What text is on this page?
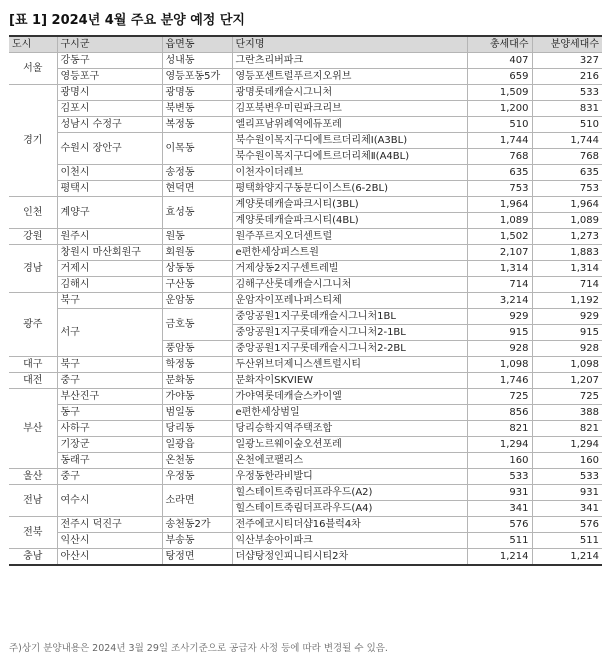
[표 1] 2024년 4월 주요 분양 예정 단지
도시	구시군	읍면동	단지명	총세대수	분양세대수
서울	강동구	성내동	그란츠리버파크	407	327
	영등포구	영등포동5가	영등포센트럴푸르지오위브	659	216
경기	광명시	광명동	광명롯데캐슬시그니처	1,509	533
	김포시	북변동	김포북변우미린파크리브	1,200	831
	성남시 수정구	복정동	엘리프남위례역에듀포레	510	510
	수원시 장안구	이목동	북수원이목지구디에트르더리체Ⅰ(A3BL)	1,744	1,744
			북수원이목지구디에트르더리체Ⅱ(A4BL)	768	768
	이천시	송정동	이천자이더레브	635	635
	평택시	현덕면	평택화양지구동문디이스트(6-2BL)	753	753
인천	계양구	효성동	계양롯데캐슬파크시티(3BL)	1,964	1,964
			계양롯데캐슬파크시티(4BL)	1,089	1,089
강원	원주시	원동	원주푸르지오더센트럴	1,502	1,273
경남	창원시 마산회원구	회원동	e편한세상퍼스트원	2,107	1,883
	거제시	상동동	거제상동2지구센트레빌	1,314	1,314
	김해시	구산동	김해구산롯데캐슬시그니처	714	714
광주	북구	운암동	운암자이포레나퍼스티체	3,214	1,192
	서구	금호동	중앙공원1지구롯데캐슬시그니처1BL	929	929
			중앙공원1지구롯데캐슬시그니처2-1BL	915	915
		풍암동	중앙공원1지구롯데캐슬시그니처2-2BL	928	928
대구	북구	학정동	두산위브더제니스센트럴시티	1,098	1,098
대전	중구	문화동	문화자이SKVIEW	1,746	1,207
부산	부산진구	가야동	가야역롯데캐슬스카이엘	725	725
	동구	범일동	e편한세상범일	856	388
	사하구	당리동	당리승학지역주택조합	821	821
	기장군	일광읍	일광노르웨이숲오션포레	1,294	1,294
	동래구	온천동	온천에코팰리스	160	160
울산	중구	우정동	우정동한라비발디	533	533
전남	여수시	소라면	힐스테이트죽림더프라우드(A2)	931	931
			힐스테이트죽림더프라우드(A4)	341	341
전북	전주시 덕진구	송천동2가	전주에코시티더샵16블럭4차	576	576
	익산시	부송동	익산부송아이파크	511	511
충남	아산시	탕정면	더샵탕정인피니티시티2차	1,214	1,214
주)상기 분양내용은 2024년 3월 29일 조사기준으로 공급자 사정 등에 따라 변경될 수 있음.
